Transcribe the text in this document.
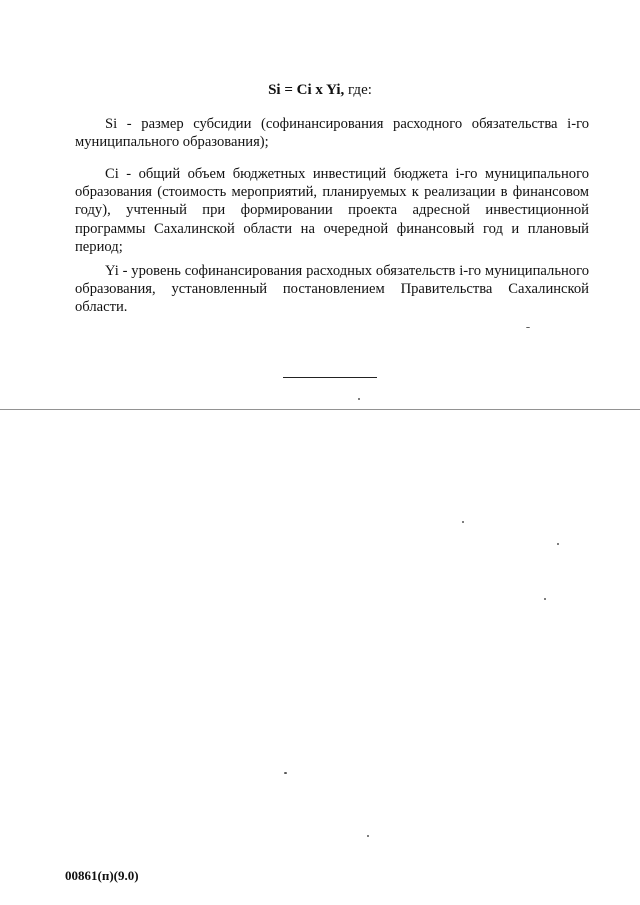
Si = Ci x Yi, где:
Si - размер субсидии (софинансирования расходного обязательства i-го муниципального образования);
Ci - общий объем бюджетных инвестиций бюджета i-го муниципального образования (стоимость мероприятий, планируемых к реализации в финансовом году), учтенный при формировании проекта адресной инвестиционной программы Сахалинской области на очередной финансовый год и плановый период;
Yi - уровень софинансирования расходных обязательств i-го муниципального образования, установленный постановлением Правительства Сахалинской области.
00861(п)(9.0)
